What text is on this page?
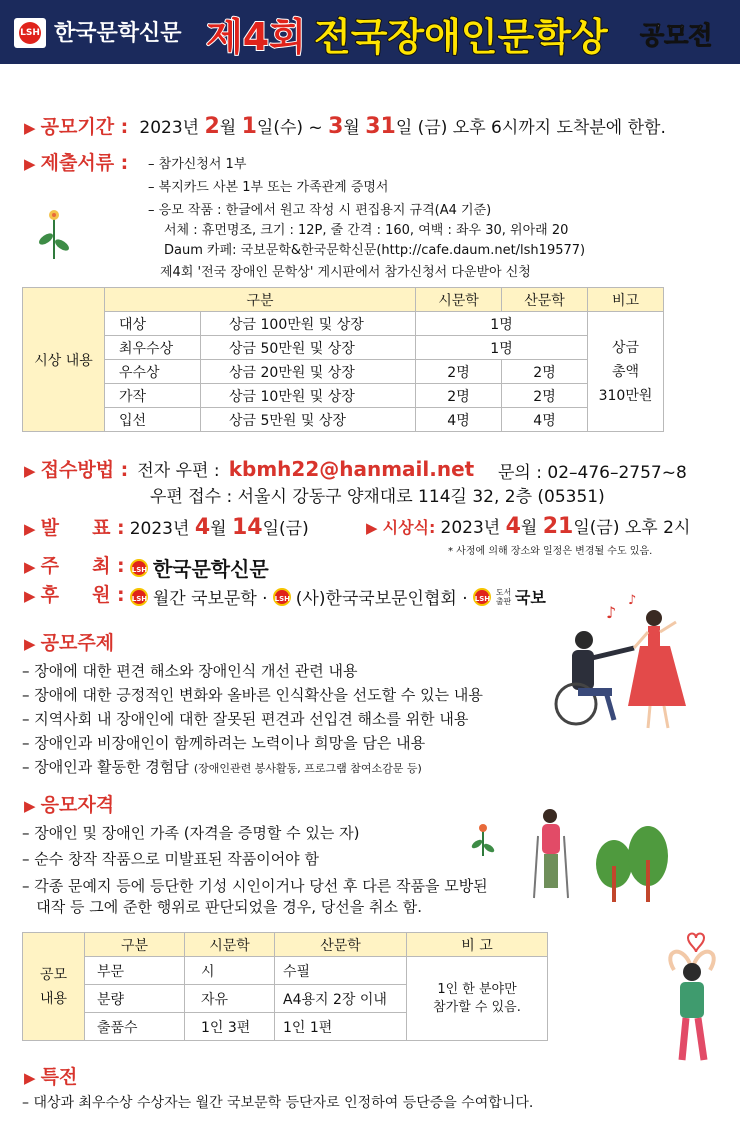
LSH 한국문학신문 제4회 전국장애인문학상 공모전
▶ 공모기간 : 2023년 2월 1일(수) ~ 3월 31일 (금) 오후 6시까지 도착분에 한함.
▶ 제출서류 : – 참가신청서 1부
– 복지카드 사본 1부 또는 가족관계 증명서
– 응모 작품 : 한글에서 원고 작성 시 편집용지 규격(A4 기준)
서체 : 휴먼명조, 크기 : 12P, 줄 간격 : 160, 여백 : 좌우 30, 위아래 20
Daum 카페: 국보문학&한국문학신문(http://cafe.daum.net/lsh19577)
제4회 '전국 장애인 문학상' 게시판에서 참가신청서 다운받아 신청
시상 내용	구분		시문학	산문학	비고
	대상	상금 100만원 및 상장	1명		상금
총액
310만원

	최우수상	상금 50만원 및 상장	1명		
	우수상	상금 20만원 및 상장	2명	2명	
	가작	상금 10만원 및 상장	2명	2명	
	입선	상금 5만원 및 상장	4명	4명	
▶ 접수방법 : 전자 우편 : kbmh22@hanmail.net 문의 : 02–476–2757~8
우편 접수 : 서울시 강동구 양재대로 114길 32, 2층 (05351)
▶ 발     표 : 2023년 4월 14일(금)	▶ 시상식: 2023년 4월 21일(금) 오후 2시
* 사정에 의해 장소와 일정은 변경될 수도 있음.
▶ 주     최 : LSH 한국문학신문
▶ 후     원 : LSH 월간 국보문학 · LSH (사)한국국보문인협회 · LSH 도서
출판 국보
▶ 공모주제
– 장애에 대한 편견 해소와 장애인식 개선 관련 내용
– 장애에 대한 긍정적인 변화와 올바른 인식확산을 선도할 수 있는 내용
– 지역사회 내 장애인에 대한 잘못된 편견과 선입견 해소를 위한 내용
– 장애인과 비장애인이 함께하려는 노력이나 희망을 담은 내용
– 장애인과 활동한 경험담 (장애인관련 봉사활동, 프로그램 참여소감문 등)
♪
♪
▶ 응모자격
– 장애인 및 장애인 가족 (자격을 증명할 수 있는 자)
– 순수 창작 작품으로 미발표된 작품이어야 함
– 각종 문예지 등에 등단한 기성 시인이거나 당선 후 다른 작품을 모방된
대작 등 그에 준한 행위로 판단되었을 경우, 당선을 취소 함.
공모
내용	구분	시문학	산문학	비 고
	부문	시	수필	1인 한 분야만
참가할 수 있음.

	분량	자유	A4용지 2장 이내	
	출품수	1인 3편	1인 1편	
▶ 특전
– 대상과 최우수상 수상자는 월간 국보문학 등단자로 인정하여 등단증을 수여합니다.
